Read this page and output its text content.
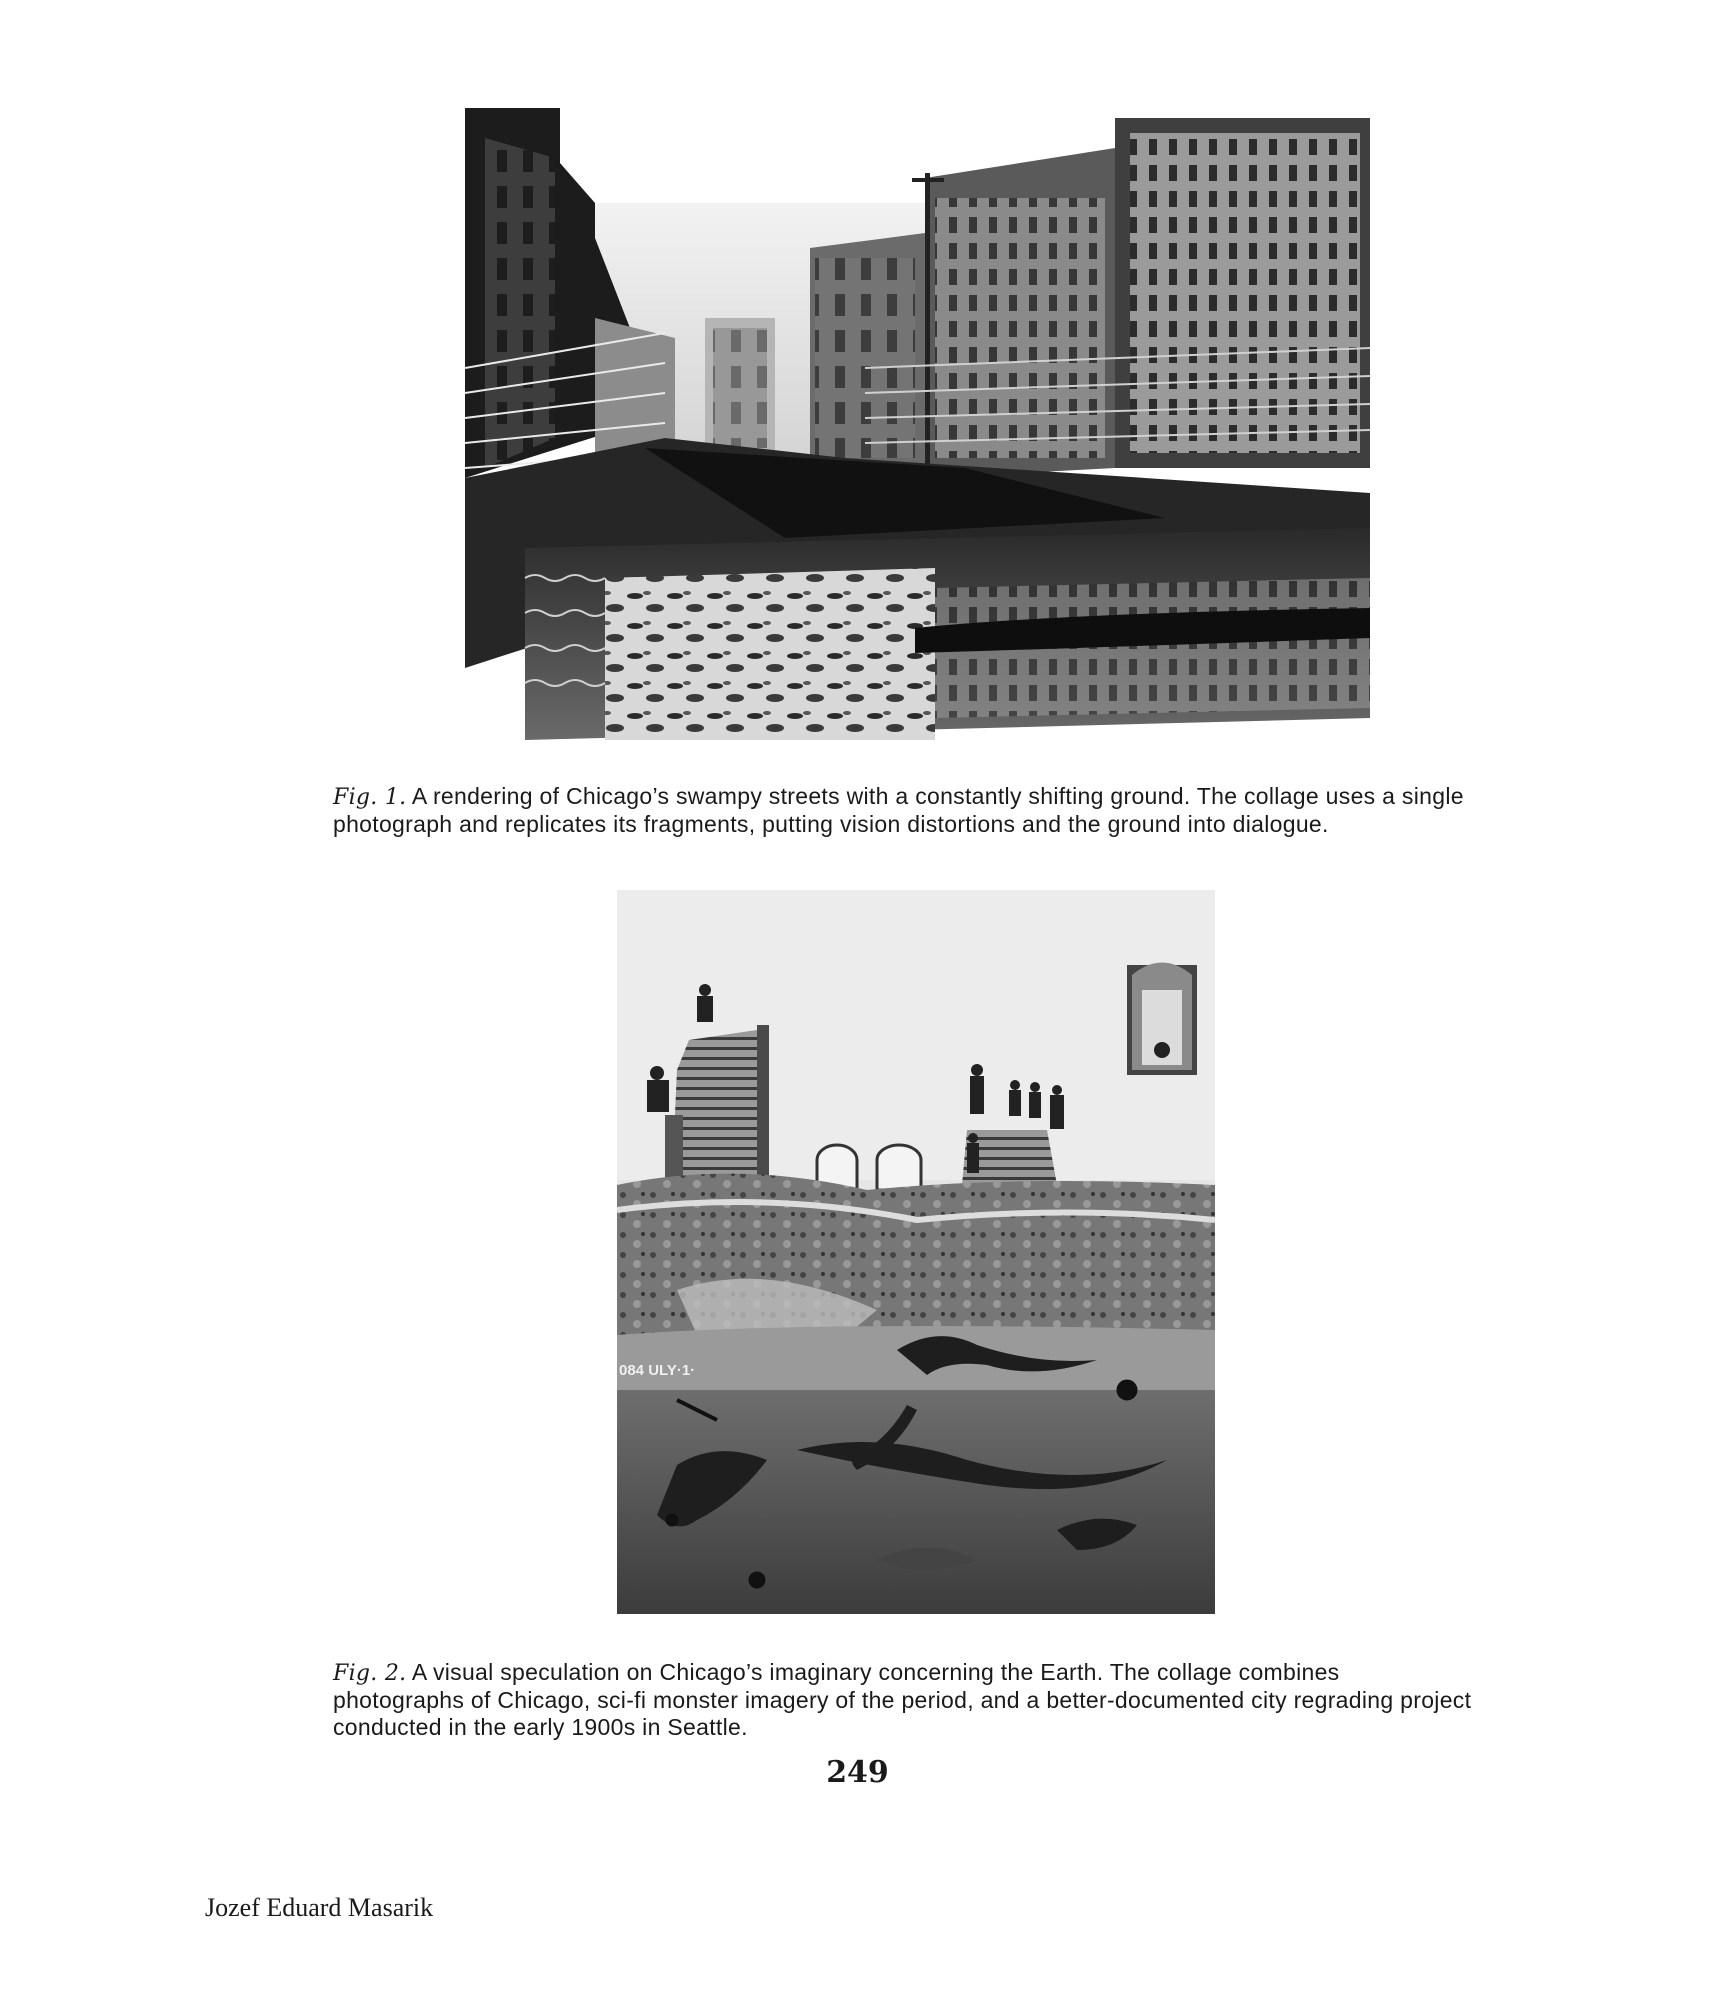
Fig. 1. A rendering of Chicago’s swampy streets with a constantly shifting ground. The collage uses a single photograph and replicates its fragments, putting vision distortions and the ground into dialogue.

084 ULY·1·

Fig. 2. A visual speculation on Chicago’s imaginary concerning the Earth. The collage combines photographs of Chicago, sci-fi monster imagery of the period, and a better-documented city regrading project conducted in the early 1900s in Seattle.

249
Jozef Eduard Masarik
